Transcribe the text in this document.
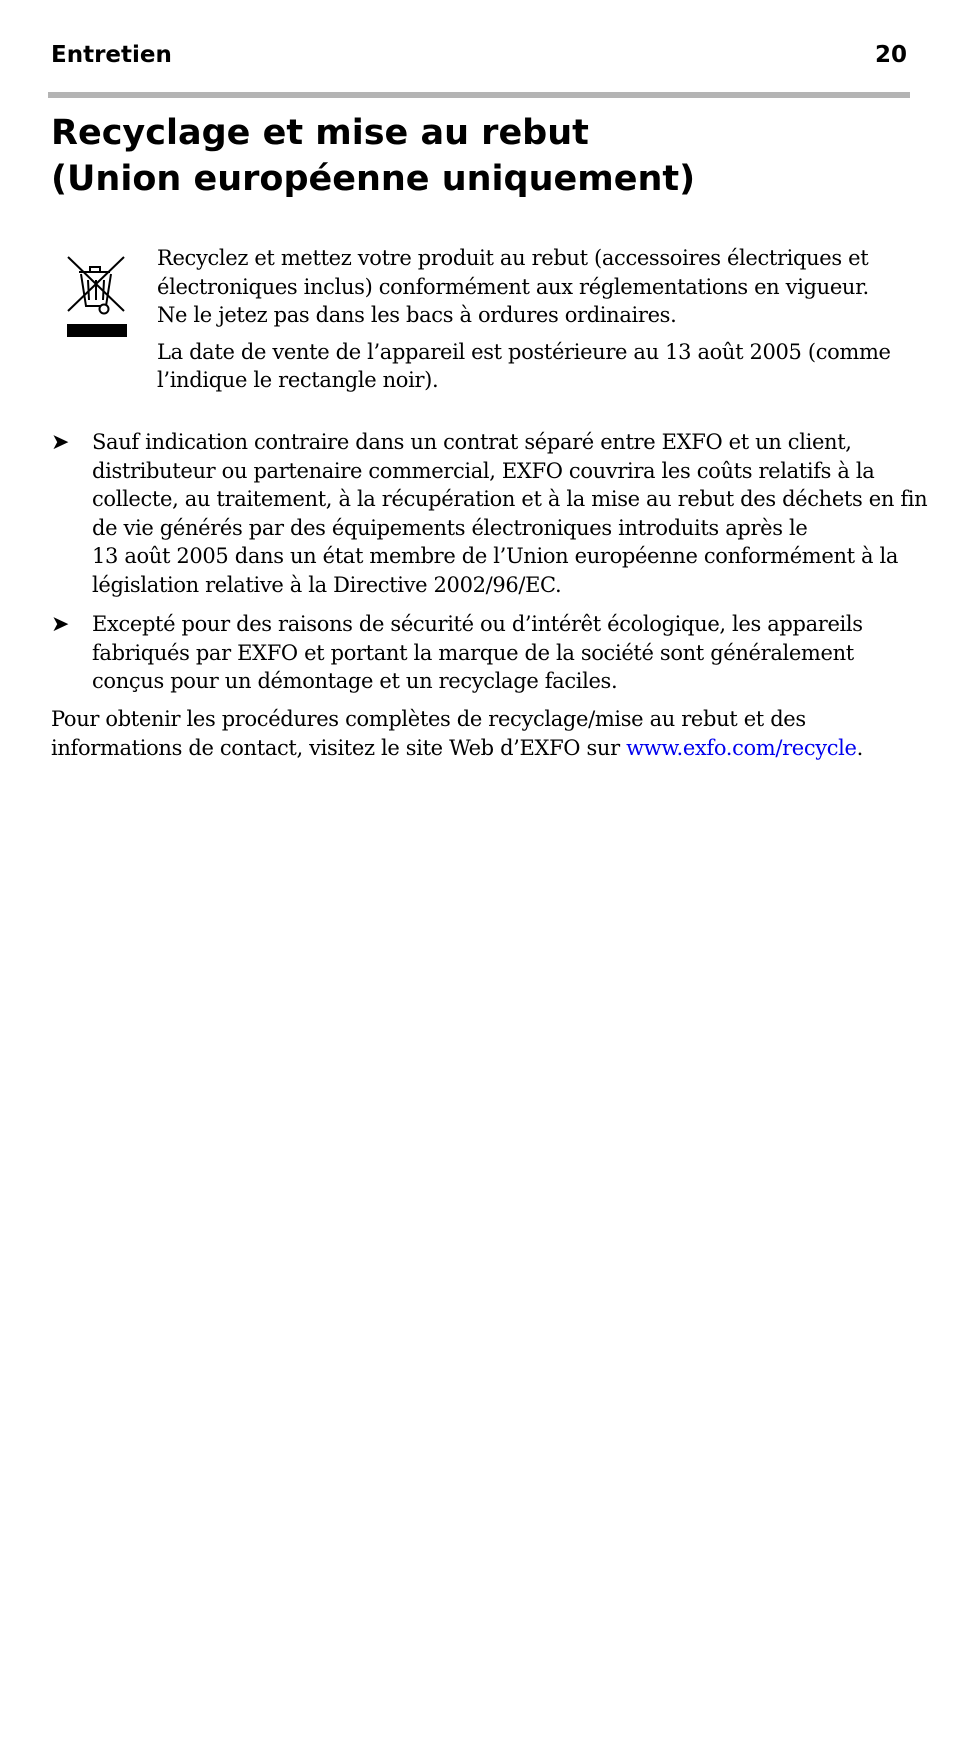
Entretien	20
Recyclage et mise au rebut
(Union européenne uniquement)

Recyclez et mettez votre produit au rebut (accessoires électriques et
électroniques inclus) conformément aux réglementations en vigueur.
Ne le jetez pas dans les bacs à ordures ordinaires.

La date de vente de l’appareil est postérieure au 13 août 2005 (comme
l’indique le rectangle noir).

➤ Sauf indication contraire dans un contrat séparé entre EXFO et un client,
distributeur ou partenaire commercial, EXFO couvrira les coûts relatifs à la
collecte, au traitement, à la récupération et à la mise au rebut des déchets en fin
de vie générés par des équipements électroniques introduits après le
13 août 2005 dans un état membre de l’Union européenne conformément à la
législation relative à la Directive 2002/96/EC.
➤ Excepté pour des raisons de sécurité ou d’intérêt écologique, les appareils
fabriqués par EXFO et portant la marque de la société sont généralement
conçus pour un démontage et un recyclage faciles.

Pour obtenir les procédures complètes de recyclage/mise au rebut et des
informations de contact, visitez le site Web d’EXFO sur www.exfo.com/recycle.
